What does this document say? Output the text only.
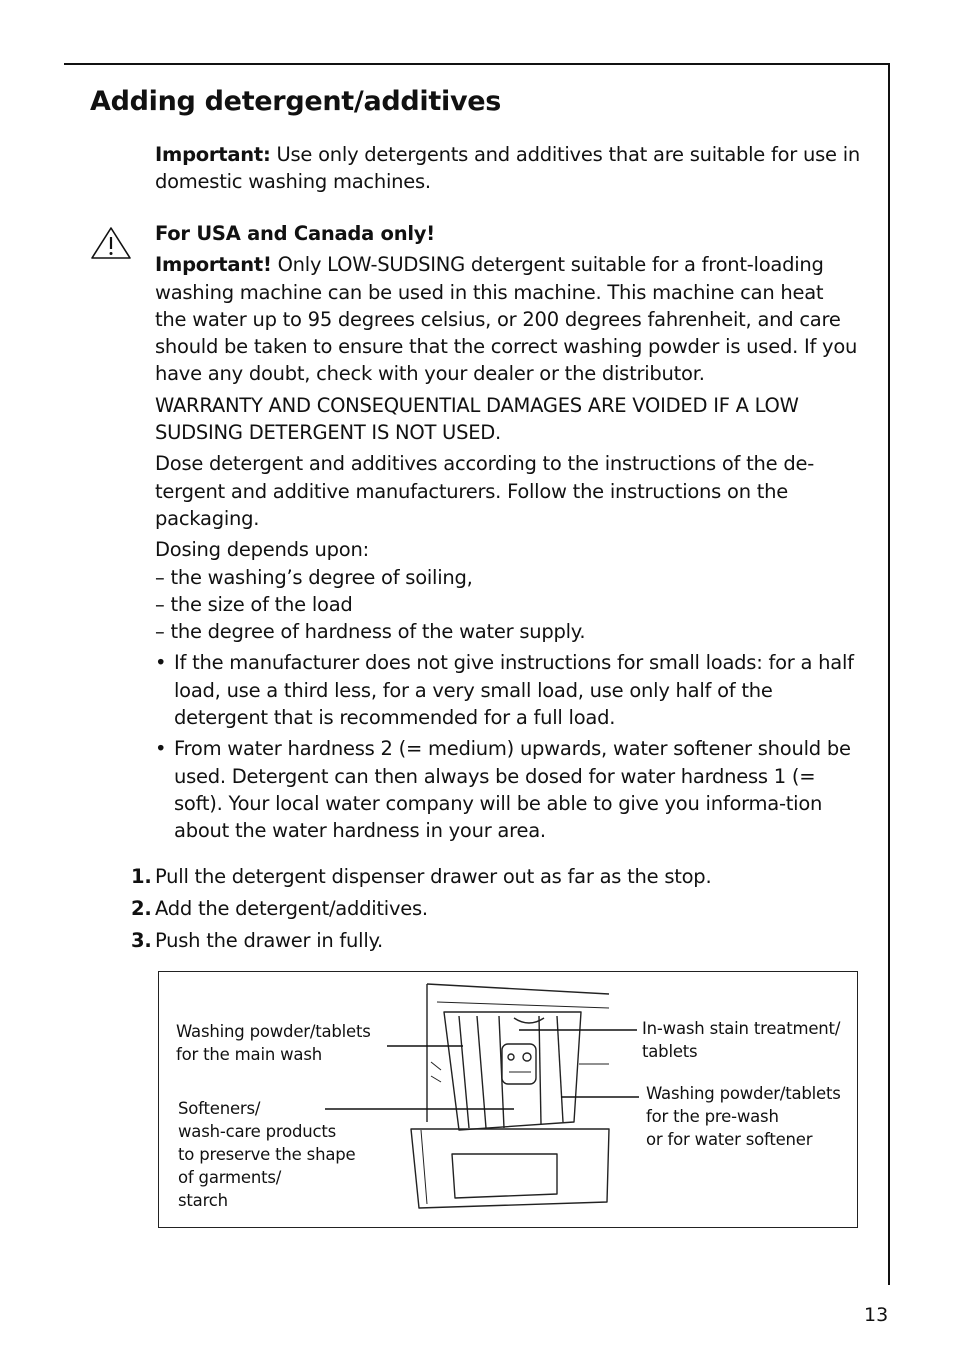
Adding detergent/additives

Important: Use only detergents and additives that are suitable for use in domestic washing machines.

For USA and Canada only!

Important! Only LOW-SUDSING detergent suitable for a front-loading washing machine can be used in this machine. This machine can heat the water up to 95 degrees celsius, or 200 degrees fahrenheit, and care should be taken to ensure that the correct washing powder is used. If you have any doubt, check with your dealer or the distributor.

WARRANTY AND CONSEQUENTIAL DAMAGES ARE VOIDED IF A LOW SUDSING DETERGENT IS NOT USED.

Dose detergent and additives according to the instructions of the de-tergent and additive manufacturers. Follow the instructions on the packaging.

Dosing depends upon:

– the washing’s degree of soiling,
– the size of the load
– the degree of hardness of the water supply.
• If the manufacturer does not give instructions for small loads: for a half load, use a third less, for a very small load, use only half of the detergent that is recommended for a full load.
• From water hardness 2 (= medium) upwards, water softener should be used. Detergent can then always be dosed for water hardness 1 (= soft). Your local water company will be able to give you informa-tion about the water hardness in your area.
1. Pull the detergent dispenser drawer out as far as the stop.
2. Add the detergent/additives.
3. Push the drawer in fully.
Washing powder/tablets
for the main wash
Softeners/
wash-care products
to preserve the shape
of garments/
starch
In-wash stain treatment/
tablets
Washing powder/tablets
for the pre-wash
or for water softener
13
